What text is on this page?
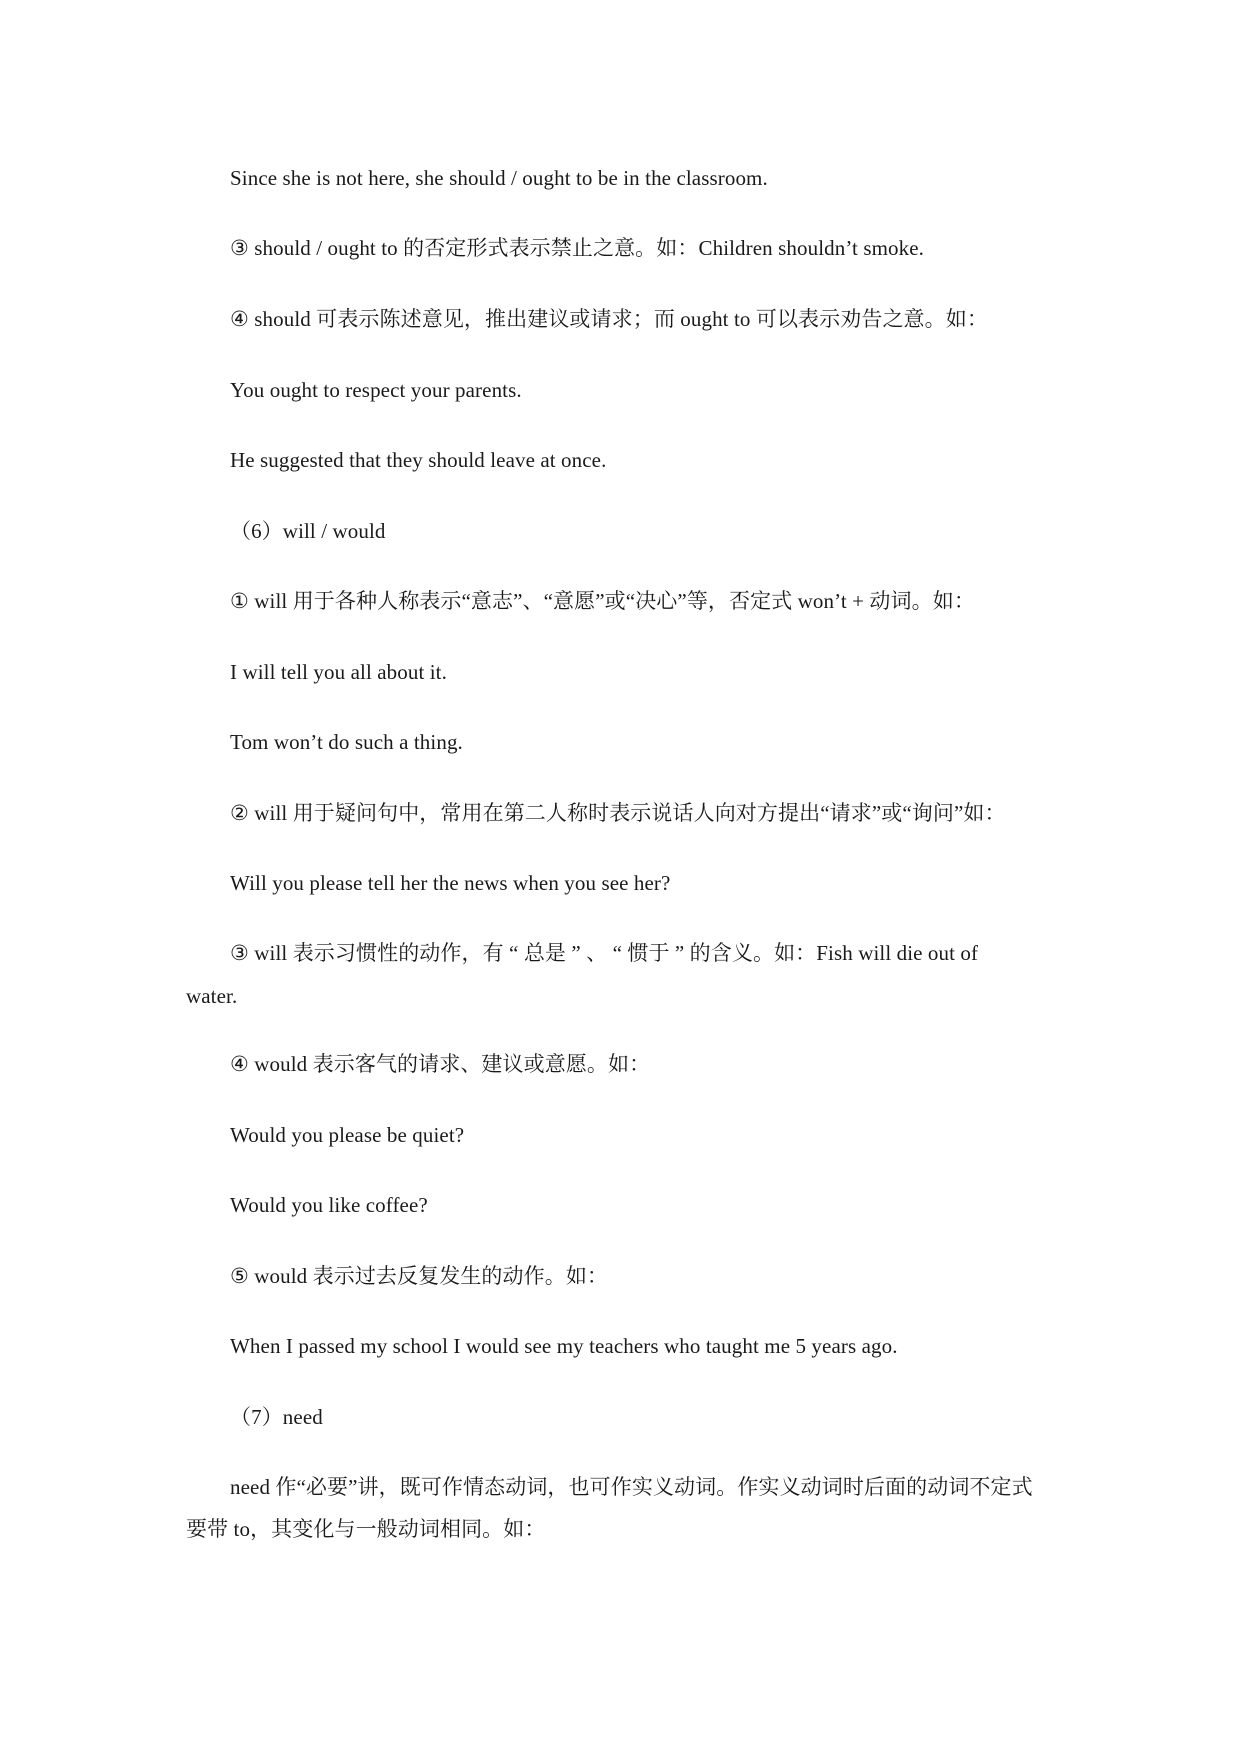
Since she is not here, she should / ought to be in the classroom.
③ should / ought to 的否定形式表示禁止之意。如：Children shouldn’t smoke.
④ should 可表示陈述意见，推出建议或请求；而 ought to 可以表示劝告之意。如：
You ought to respect your parents.
He suggested that they should leave at once.
（6）will / would
① will 用于各种人称表示“意志”、“意愿”或“决心”等，否定式 won’t + 动词。如：
I will tell you all about it.
Tom won’t do such a thing.
② will 用于疑问句中，常用在第二人称时表示说话人向对方提出“请求”或“询问”如：
Will you please tell her the news when you see her?
③ will 表示习惯性的动作，有 “ 总是 ” 、 “ 惯于 ” 的含义。如：Fish will die out of
water.
④ would 表示客气的请求、建议或意愿。如：
Would you please be quiet?
Would you like coffee?
⑤ would 表示过去反复发生的动作。如：
When I passed my school I would see my teachers who taught me 5 years ago.
（7）need
need 作“必要”讲，既可作情态动词，也可作实义动词。作实义动词时后面的动词不定式
要带 to，其变化与一般动词相同。如：
